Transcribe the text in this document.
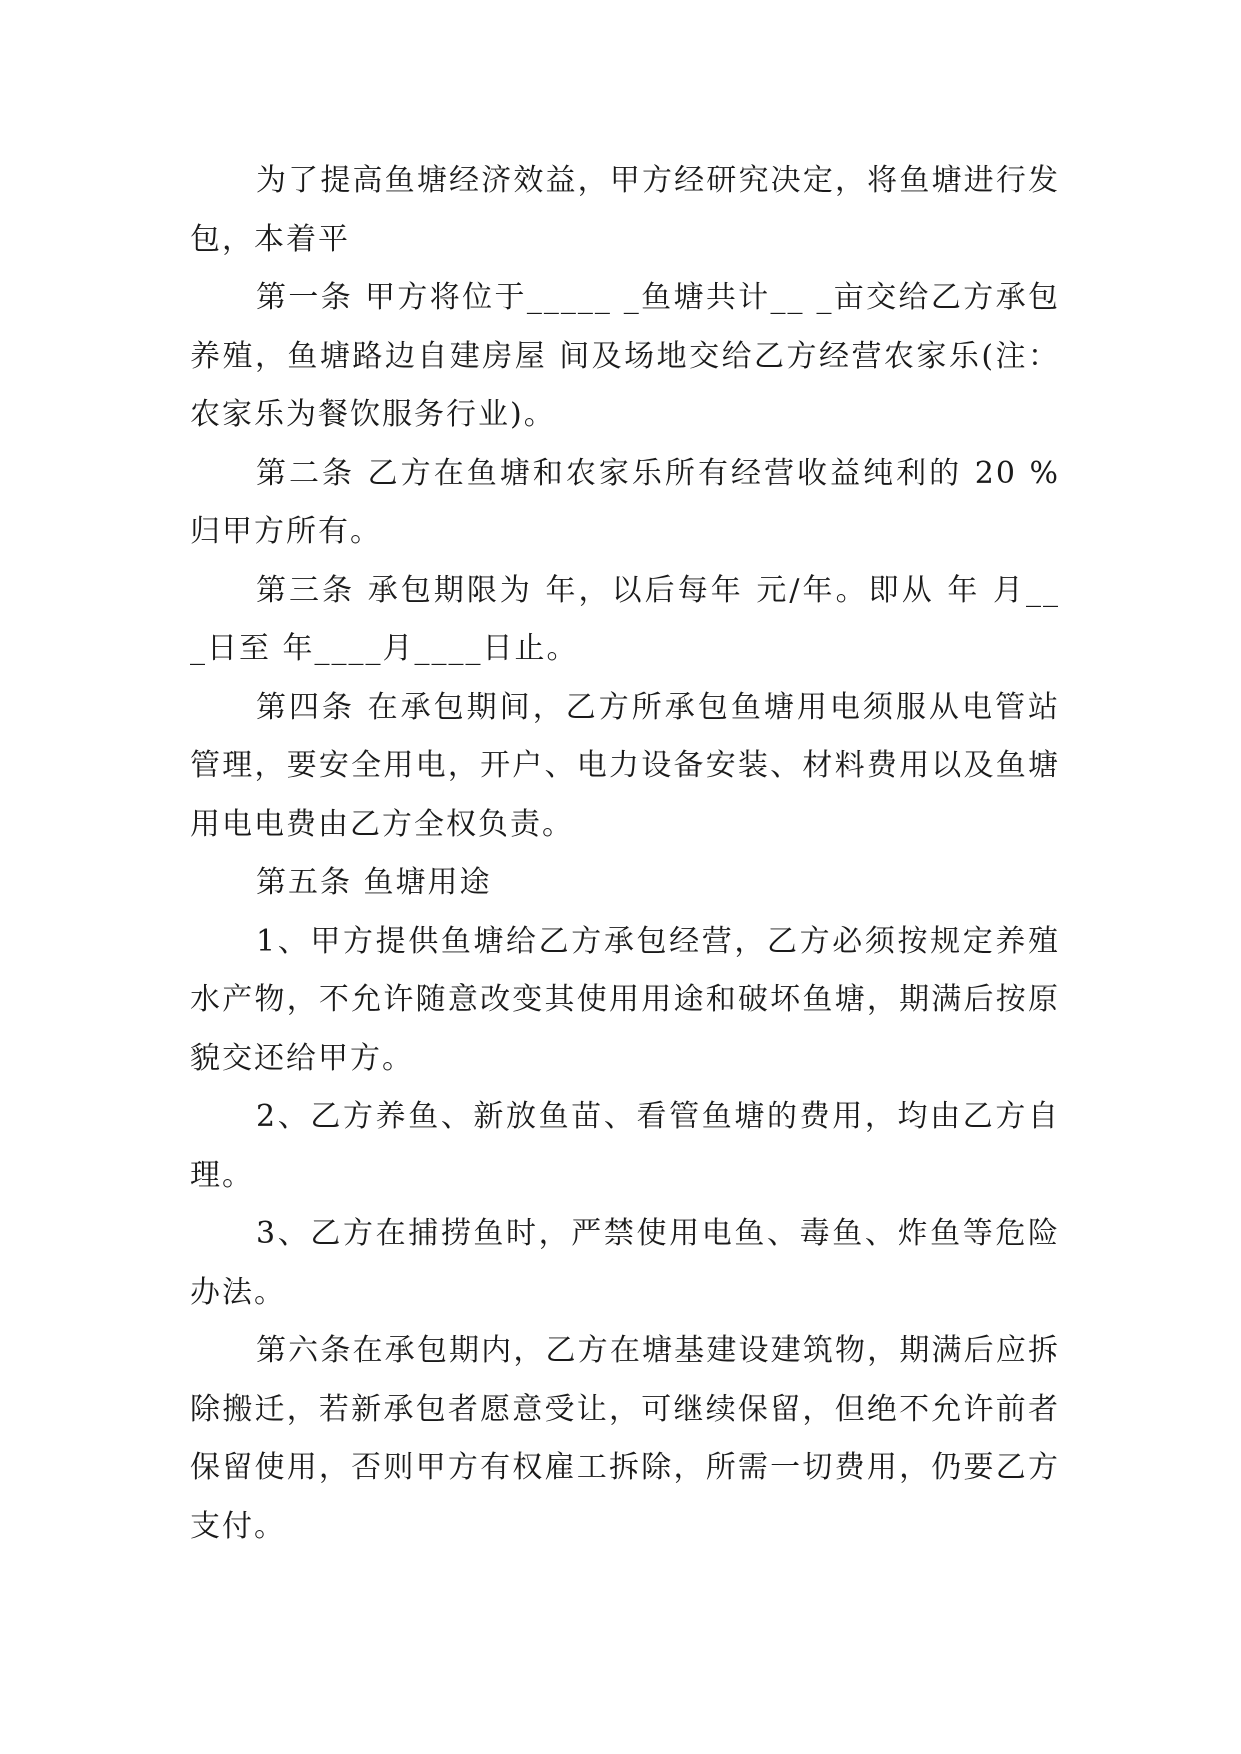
为了提高鱼塘经济效益，甲方经研究决定，将鱼塘进行发包，本着平

第一条 甲方将位于_____ _鱼塘共计__ _亩交给乙方承包养殖，鱼塘路边自建房屋 间及场地交给乙方经营农家乐(注：农家乐为餐饮服务行业)。

第二条 乙方在鱼塘和农家乐所有经营收益纯利的 20 %归甲方所有。

第三条 承包期限为 年，以后每年 元/年。即从 年 月__ _日至 年____月____日止。

第四条 在承包期间，乙方所承包鱼塘用电须服从电管站管理，要安全用电，开户、电力设备安装、材料费用以及鱼塘用电电费由乙方全权负责。

第五条 鱼塘用途

1、甲方提供鱼塘给乙方承包经营，乙方必须按规定养殖水产物，不允许随意改变其使用用途和破坏鱼塘，期满后按原貌交还给甲方。

2、乙方养鱼、新放鱼苗、看管鱼塘的费用，均由乙方自理。

3、乙方在捕捞鱼时，严禁使用电鱼、毒鱼、炸鱼等危险办法。

第六条在承包期内，乙方在塘基建设建筑物，期满后应拆除搬迁，若新承包者愿意受让，可继续保留，但绝不允许前者保留使用，否则甲方有权雇工拆除，所需一切费用，仍要乙方支付。
